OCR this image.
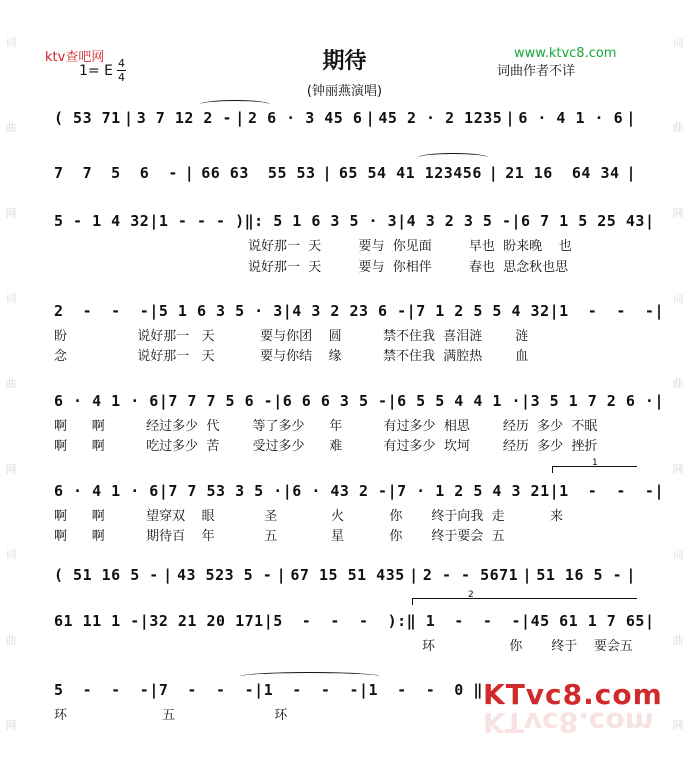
词
曲
网
词
曲
网
词
曲
网
词
曲
网
词
曲
网
词
曲
网
ktv查吧网	www.ktvc8.com
1= E $\frac{4}{4}$	期待
(钟丽燕演唱)
词曲作者不详
( 53 71 | 3 7 12 2 - | 2 6 · 3 45 6 | 45 2 · 2 1235 | 6 · 4 1 · 6 |
7  7  5  6  - | 66 63  55 53 | 65 54 41 123456 | 21 16  64 34 |
5 - 1 4 32 | 1 - - - ) ‖: 5 1 6 3 5 · 3 | 4 3 2 3 5 - | 6 7 1 5 25 43 |
说好那一  天         要与  你见面         早也  盼来晚    也
说好那一  天         要与  你相伴         春也  思念秋也思
2  -  -  - | 5 1 6 3 5 · 3 | 4 3 2 23 6 - | 7 1 2 5 5 4 32 | 1  -  -  - |
盼                 说好那一   天           要与你团    圆          禁不住我  喜泪涟        涟
念                 说好那一   天           要与你结    缘          禁不住我  满腔热        血
6 · 4 1 · 6 | 7 7 7 5 6 - | 6 6 6 3 5 - | 6 5 5 4 4 1 · | 3 5 1 7 2 6 · |
啊      啊          经过多少  代        等了多少      年          有过多少  相思        经历  多少  不眠
啊      啊          吃过多少  苦        受过多少      难          有过多少  坎坷        经历  多少  挫折
6 · 4 1 · 6 | 7 7 53 3 5 · | 6 · 43 2 - | 7 · 1 2 5 4 3 21 | 1  -  -  - |
1
啊      啊          望穿双    眼            圣             火           你       终于向我  走           来
啊      啊          期待百    年            五             星           你       终于要会  五
( 51 16 5 - | 43 523 5 - | 67 15 51 435 | 2 - - 5671 | 51 16 5 - |
61 11 1 - | 32 21 20 171 | 5  -  -  -  ) :‖ 1  -  -  - | 45 61 1 7 65 |
2
环                  你       终于    要会五
5  -  -  - | 7  -  -  - | 1  -  -  - | 1  -  -  0 ‖
环                       五                        环
KTvc8.com
KTvc8.com
